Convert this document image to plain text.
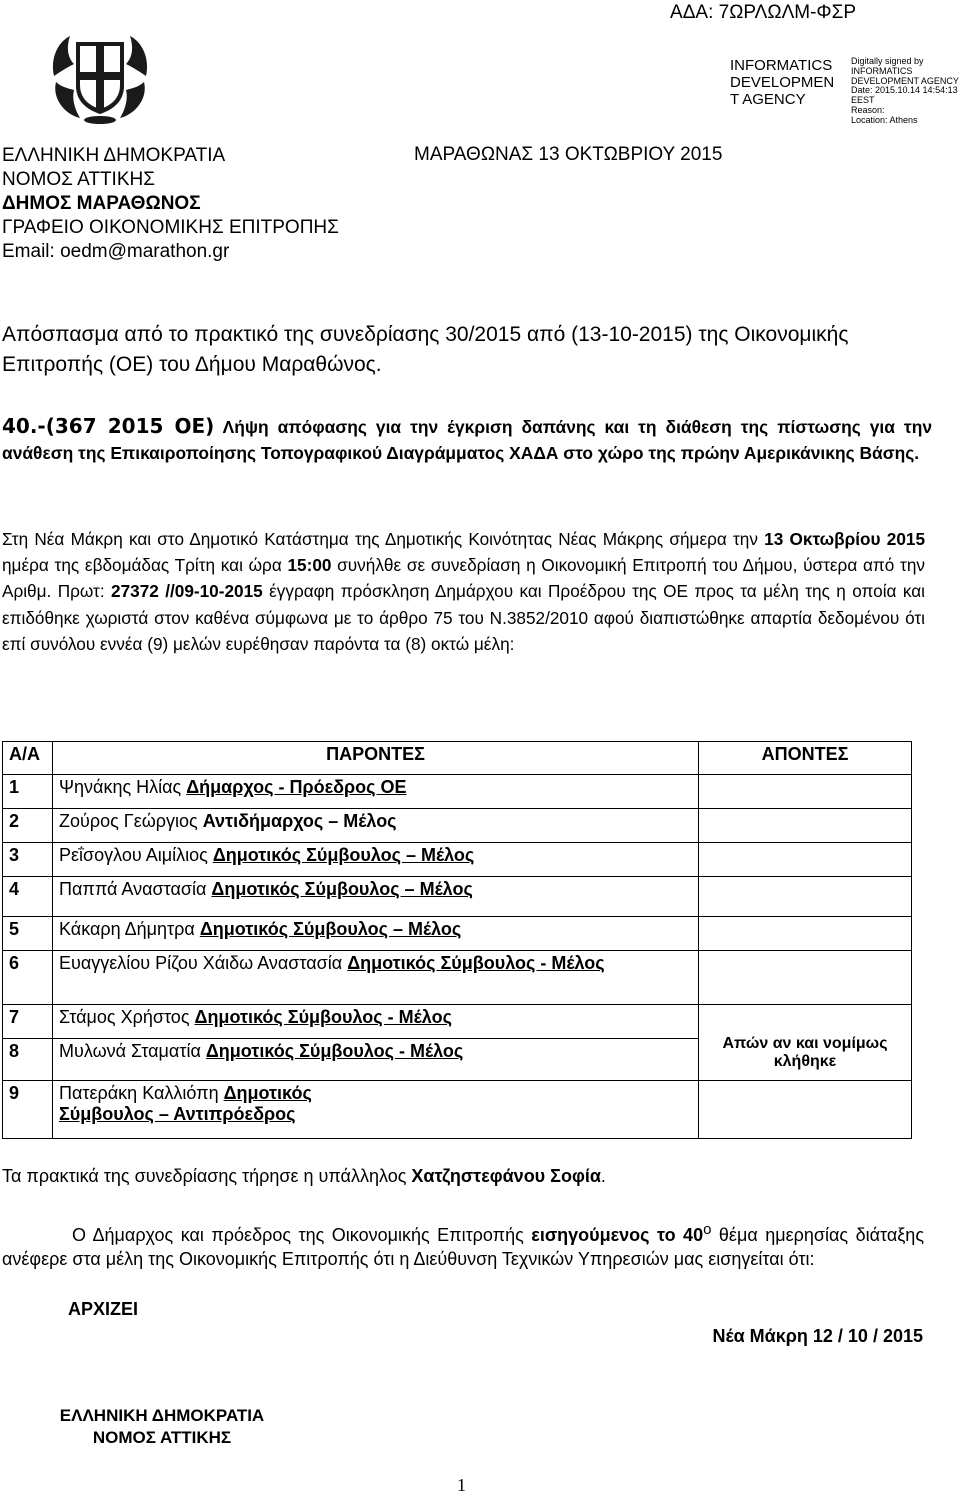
ΑΔΑ: 7ΩΡΛΩΛΜ-ΦΣΡ
INFORMATICS
DEVELOPMEN
T AGENCY
Digitally signed by
INFORMATICS
DEVELOPMENT AGENCY
Date: 2015.10.14 14:54:13
EEST
Reason:
Location: Athens
ΕΛΛΗΝΙΚΗ ΔΗΜΟΚΡΑΤΙΑ
ΝΟΜΟΣ ΑΤΤΙΚΗΣ
ΔΗΜΟΣ ΜΑΡΑΘΩΝΟΣ
ΓΡΑΦΕΙΟ ΟΙΚΟΝΟΜΙΚΗΣ ΕΠΙΤΡΟΠΗΣ
Email: oedm@marathon.gr
ΜΑΡΑΘΩΝΑΣ 13 ΟΚΤΩΒΡΙΟΥ 2015
Απόσπασμα από το πρακτικό της συνεδρίασης 30/2015 από (13-10-2015) της Οικονομικής Επιτροπής (ΟΕ) του Δήμου Μαραθώνος.
40.-(367 2015 ΟΕ) Λήψη απόφασης για την έγκριση δαπάνης και τη διάθεση της πίστωσης για την ανάθεση της Επικαιροποίησης Τοπογραφικού Διαγράμματος ΧΑΔΑ στο χώρο της πρώην Αμερικάνικης Βάσης.
Στη Νέα Μάκρη και στο Δημοτικό Κατάστημα της Δημοτικής Κοινότητας Νέας Μάκρης σήμερα την 13 Οκτωβρίου 2015 ημέρα της εβδομάδας Τρίτη και ώρα 15:00 συνήλθε σε συνεδρίαση η Οικονομική Επιτροπή του Δήμου, ύστερα από την Αριθμ. Πρωτ: 27372 //09-10-2015 έγγραφη πρόσκληση Δημάρχου και Προέδρου της ΟΕ προς τα μέλη της η οποία και επιδόθηκε χωριστά στον καθένα σύμφωνα με το άρθρο 75 του Ν.3852/2010 αφού διαπιστώθηκε απαρτία δεδομένου ότι επί συνόλου εννέα (9) μελών ευρέθησαν παρόντα τα (8) οκτώ μέλη:
Α/Α	ΠΑΡΟΝΤΕΣ	ΑΠΟΝΤΕΣ
1	Ψηνάκης Ηλίας Δήμαρχος - Πρόεδρος ΟΕ	
2	Ζούρος Γεώργιος Αντιδήμαρχος – Μέλος	
3	Ρεΐσογλου Αιμίλιος Δημοτικός Σύμβουλος – Μέλος	
4	Παππά Αναστασία Δημοτικός Σύμβουλος – Μέλος	
5	Κάκαρη Δήμητρα Δημοτικός Σύμβουλος – Μέλος	
6	Ευαγγελίου Ρίζου Χάιδω Αναστασία Δημοτικός Σύμβουλος - Μέλος	
7	Στάμος Χρήστος Δημοτικός Σύμβουλος - Μέλος	Απών αν και νομίμως κλήθηκε
8	Μυλωνά Σταματία Δημοτικός Σύμβουλος - Μέλος	
9	Πατεράκη Καλλιόπη Δημοτικός Σύμβουλος – Αντιπρόεδρος	
Τα πρακτικά της συνεδρίασης τήρησε η υπάλληλος Χατζηστεφάνου Σοφία.
Ο Δήμαρχος και πρόεδρος της Οικονομικής Επιτροπής εισηγούμενος το $40^o$ θέμα ημερησίας διάταξης ανέφερε στα μέλη της Οικονομικής Επιτροπής ότι η Διεύθυνση Τεχνικών Υπηρεσιών μας εισηγείται ότι:
ΑΡΧΙΖΕΙ
Νέα Μάκρη 12 / 10 / 2015
ΕΛΛΗΝΙΚΗ ΔΗΜΟΚΡΑΤΙΑ
ΝΟΜΟΣ ΑΤΤΙΚΗΣ
1
